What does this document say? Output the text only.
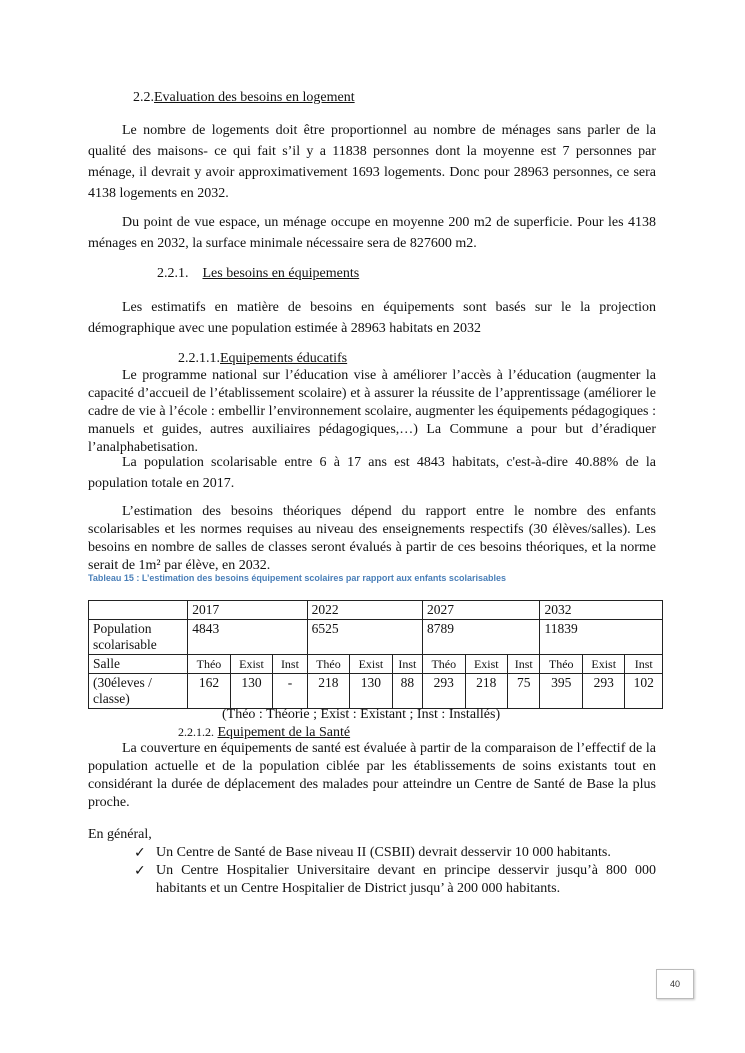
2.2.Evaluation des besoins en logement

Le nombre de logements doit être proportionnel au nombre de ménages sans parler de la qualité des maisons- ce qui fait s’il y a 11838 personnes dont la moyenne est 7 personnes par ménage, il devrait y avoir approximativement 1693 logements. Donc pour 28963 personnes, ce sera 4138 logements en 2032.

Du point de vue espace, un ménage occupe en moyenne 200 m2 de superficie. Pour les 4138 ménages en 2032, la surface minimale nécessaire sera de 827600 m2.

2.2.1. Les besoins en équipements

Les estimatifs en matière de besoins en équipements sont basés sur le la projection démographique avec une population estimée à 28963 habitats en 2032

2.2.1.1.Equipements éducatifs

Le programme national sur l’éducation vise à améliorer l’accès à l’éducation (augmenter la capacité d’accueil de l’établissement scolaire) et à assurer la réussite de l’apprentissage (améliorer le cadre de vie à l’école : embellir l’environnement scolaire, augmenter les équipements pédagogiques : manuels et guides, autres auxiliaires pédagogiques,…) La Commune a pour but d’éradiquer l’analphabetisation.

La population scolarisable entre 6 à 17 ans est 4843 habitats, c'est-à-dire 40.88% de la population totale en 2017.

L’estimation des besoins théoriques dépend du rapport entre le nombre des enfants scolarisables et les normes requises au niveau des enseignements respectifs (30 élèves/salles). Les besoins en nombre de salles de classes seront évalués à partir de ces besoins théoriques, et la norme serait de 1m² par élève, en 2032.

Tableau 15 : L’estimation des besoins équipement scolaires par rapport aux enfants scolarisables
	2017			2022			2027			2032		
Population scolarisable	4843			6525			8789			11839		
Salle	Théo	Exist	Inst	Théo	Exist	Inst	Théo	Exist	Inst	Théo	Exist	Inst
(30éleves / classe)	162	130	-	218	130	88	293	218	75	395	293	102
(Théo : Théorie ; Exist : Existant ; Inst : Installés)
2.2.1.2. Equipement de la Santé

La couverture en équipements de santé est évaluée à partir de la comparaison de l’effectif de la population actuelle et de la population ciblée par les établissements de soins existants tout en considérant la durée de déplacement des malades pour atteindre un Centre de Santé de Base la plus proche.

En général,
✓ Un Centre de Santé de Base niveau II (CSBII) devrait desservir 10 000 habitants.
✓ Un Centre Hospitalier Universitaire devant en principe desservir jusqu’à 800 000 habitants et un Centre Hospitalier de District jusqu’ à 200 000 habitants.
40
